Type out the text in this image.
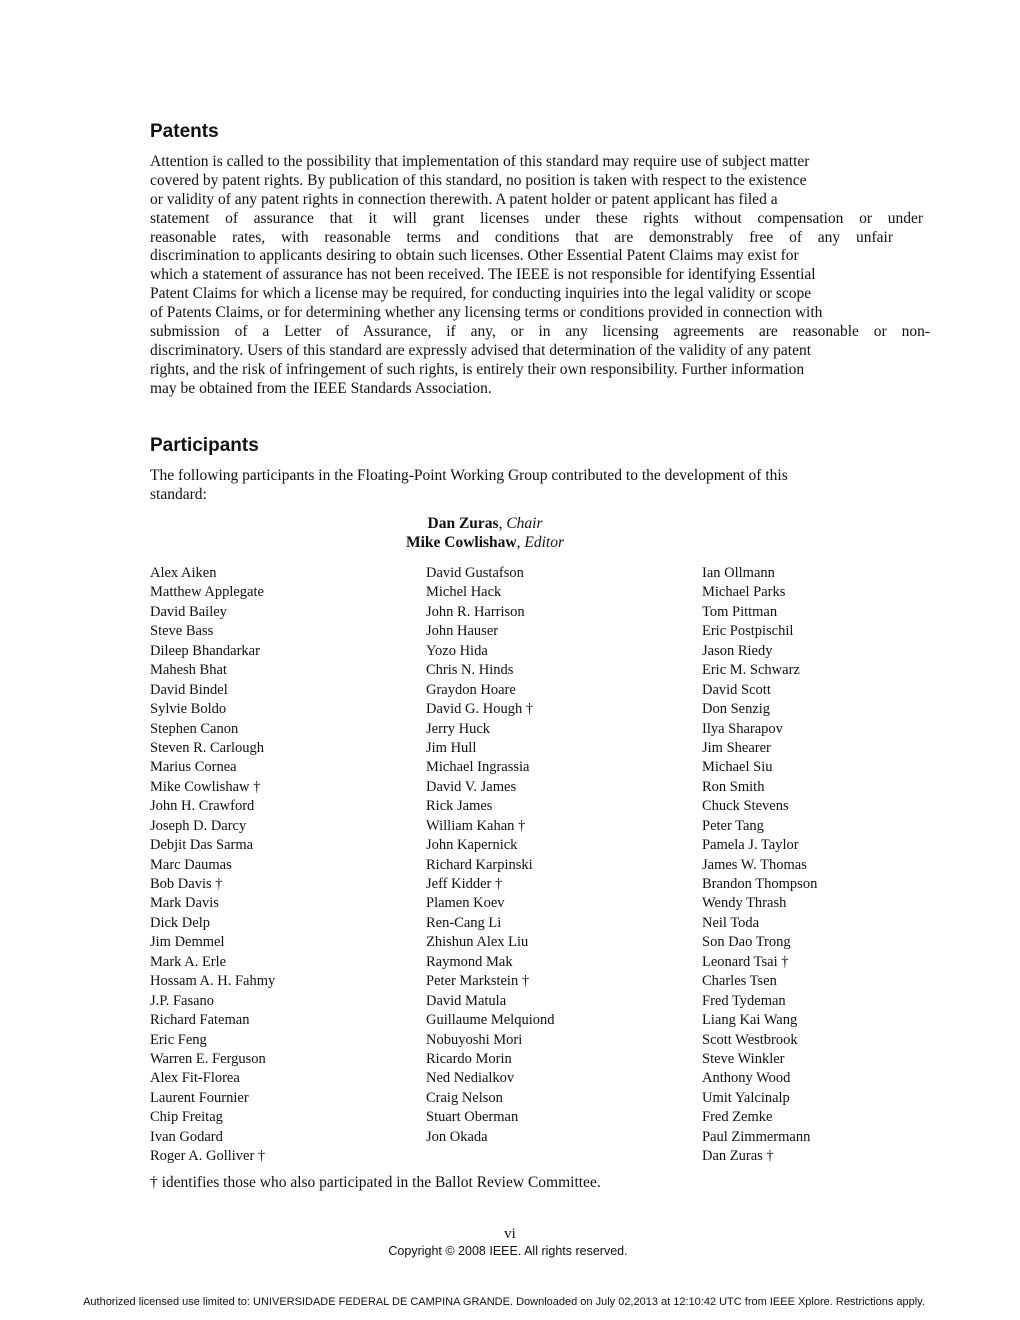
Patents
Attention is called to the possibility that implementation of this standard may require use of subject matter
covered by patent rights. By publication of this standard, no position is taken with respect to the existence
or validity of any patent rights in connection therewith. A patent holder or patent applicant has filed a
statement of assurance that it will grant licenses under these rights without compensation or under
reasonable rates, with reasonable terms and conditions that are demonstrably free of any unfair
discrimination to applicants desiring to obtain such licenses. Other Essential Patent Claims may exist for
which a statement of assurance has not been received. The IEEE is not responsible for identifying Essential
Patent Claims for which a license may be required, for conducting inquiries into the legal validity or scope
of Patents Claims, or for determining whether any licensing terms or conditions provided in connection with
submission of a Letter of Assurance, if any, or in any licensing agreements are reasonable or non-
discriminatory. Users of this standard are expressly advised that determination of the validity of any patent
rights, and the risk of infringement of such rights, is entirely their own responsibility. Further information
may be obtained from the IEEE Standards Association.
Participants
The following participants in the Floating-Point Working Group contributed to the development of this
standard:
Dan Zuras, Chair
Mike Cowlishaw, Editor
Alex Aiken
Matthew Applegate
David Bailey
Steve Bass
Dileep Bhandarkar
Mahesh Bhat
David Bindel
Sylvie Boldo
Stephen Canon
Steven R. Carlough
Marius Cornea
Mike Cowlishaw †
John H. Crawford
Joseph D. Darcy
Debjit Das Sarma
Marc Daumas
Bob Davis †
Mark Davis
Dick Delp
Jim Demmel
Mark A. Erle
Hossam A. H. Fahmy
J.P. Fasano
Richard Fateman
Eric Feng
Warren E. Ferguson
Alex Fit-Florea
Laurent Fournier
Chip Freitag
Ivan Godard
Roger A. Golliver †
David Gustafson
Michel Hack
John R. Harrison
John Hauser
Yozo Hida
Chris N. Hinds
Graydon Hoare
David G. Hough †
Jerry Huck
Jim Hull
Michael Ingrassia
David V. James
Rick James
William Kahan †
John Kapernick
Richard Karpinski
Jeff Kidder †
Plamen Koev
Ren-Cang Li
Zhishun Alex Liu
Raymond Mak
Peter Markstein †
David Matula
Guillaume Melquiond
Nobuyoshi Mori
Ricardo Morin
Ned Nedialkov
Craig Nelson
Stuart Oberman
Jon Okada
Ian Ollmann
Michael Parks
Tom Pittman
Eric Postpischil
Jason Riedy
Eric M. Schwarz
David Scott
Don Senzig
Ilya Sharapov
Jim Shearer
Michael Siu
Ron Smith
Chuck Stevens
Peter Tang
Pamela J. Taylor
James W. Thomas
Brandon Thompson
Wendy Thrash
Neil Toda
Son Dao Trong
Leonard Tsai †
Charles Tsen
Fred Tydeman
Liang Kai Wang
Scott Westbrook
Steve Winkler
Anthony Wood
Umit Yalcinalp
Fred Zemke
Paul Zimmermann
Dan Zuras †
† identifies those who also participated in the Ballot Review Committee.
vi
Copyright © 2008 IEEE. All rights reserved.
Authorized licensed use limited to: UNIVERSIDADE FEDERAL DE CAMPINA GRANDE. Downloaded on July 02,2013 at 12:10:42 UTC from IEEE Xplore. Restrictions apply.
